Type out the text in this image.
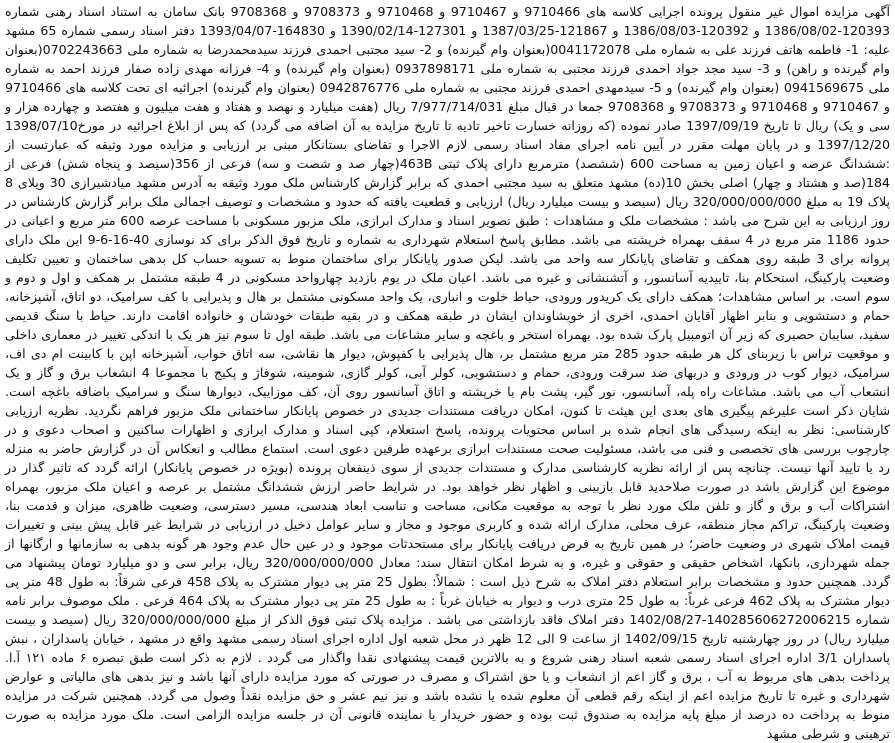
آگهی مزایده اموال غیر منقول پرونده اجرایی کلاسه های 9710466 و 9710467 و 9710468 و 9708373 و 9708368 بانک سامان به استناد اسناد رهنی شماره 120393-1386/08/02 و 120392-1386/08/03 و 121867-1387/03/25 و 127301-1390/02/14 و 164830-1393/04/07 دفتر اسناد رسمی شماره 65 مشهد علیه: 1- فاطمه هاتف فرزند علی به شماره ملی 0041172078(بعنوان وام گیرنده) و 2- سید مجتبی احمدی فرزند سیدمحمدرضا به شماره ملی 0702243663(بعنوان وام گیرنده و راهن) و 3- سید مجد جواد احمدی فرزند مجتبی به شماره ملی 0937898171 (بعنوان وام گیرنده) و 4- فرزانه مهدی زاده صفار فرزند احمد به شماره ملی 0941569675 (بعنوان وام گیرنده) و 5- سیدمهدی احمدی فرزند مجتبی به شماره ملی 0942876776 (بعنوان وام گیرنده) اجرائیه ای تحت کلاسه های 9710466 و 9710467 و 9710468 و 9708373 و 9708368 جمعا در قبال مبلغ 7/977/714/031 ریال (هفت میلیارد و نهصد و هفتاد و هفت میلیون و هفتصد و چهارده هزار و سی و یک) ریال تا تاریخ 1397/09/19 صادر نموده (که روزانه خسارت تاخیر تادیه تا تاریخ مزایده به آن اضافه می گردد) که پس از ابلاغ اجرائیه در مورخ1398/07/10 1397/12/20 و در پایان مهلت مقرر در آیین نامه اجرای مفاد اسناد رسمی لازم الاجرا و تقاضای بستانکار مبنی بر ارزیابی و مزایده مورد وثیقه که عبارتست از :ششدانگ عرصه و اعیان زمین به مساحت 600 (ششصد) مترمربع دارای پلاک ثبتی 463B(چهار صد و شصت و سه) فرعی از 356(سیصد و پنجاه شش) فرعی از 184(صد و هشتاد و چهار) اصلی بخش 10(ده) مشهد متعلق به سید مجتبی احمدی که برابر گزارش کارشناس ملک مورد وثیقه به آدرس مشهد میادشیرازی 30 ویلای 8 پلاک 19 به مبلغ 320/000/000/000 ریال (سیصد و بیست میلیارد ریال) ارزیابی و قطعیت یافته که حدود و مشخصات و توصیف اجمالی ملک برابر گزارش کارشناس در روز ارزیابی به این شرح می باشد : مشخصات ملک و مشاهدات : طبق تصویر اسناد و مدارک ابرازی، ملک مزبور مسکونی با مساحت عرصه 600 متر مربع و اعیانی در حدود 1186 متر مربع در 4 سقف بهمراه خرپشته می باشد. مطابق پاسخ استعلام شهرداری به شماره و تاریخ فوق الذکر برای کد نوسازی 40-16-6-9 این ملک دارای پروانه برای 3 طبقه روی همکف و تقاضای پایانکار سه واحد می باشد. لیکن صدور پایانکار برای ساختمان منوط به تسویه حساب کل بدهی ساختمان و تعیین تکلیف وضعیت پارکینگ، استحکام بنا، تاییدیه آسانسور، و آتشنشانی و غیره می باشد. اعیان ملک در یوم بازدید چهارواحد مسکونی در 4 طبقه مشتمل بر همکف و اول و دوم و سوم است. بر اساس مشاهدات؛ همکف دارای یک کریدور ورودی، حیاط خلوت و انباری، یک واحد مسکونی مشتمل بر هال و پذیرایی با کف سرامیک، دو اتاق، آشپزخانه، حمام و دستشویی و بنابر اظهار آقایان احمدی، اخری از خویشاوندان ایشان در طبقه همکف و در بقیه طبقات خودشان و خانواده اقامت دارند. حیاط با سنگ قدیمی سفید، سایبان حصیری که زیر آن اتومبیل پارک شده بود. بهمراه استخر و باغچه و سایر مشاعات می باشد. طبقه اول تا سوم نیز هر یک با اندکی تغییر در معماری داخلی و موقعیت تراس با زیربنای کل هر طبقه حدود 285 متر مربع مشتمل بر، هال پذیرایی با کفپوش، دیوار ها نقاشی، سه اتاق خواب، آشپزخانه اپن با کابینت ام دی اف، سرامیک، دیوار کوب در ورودی و دربهای ضد سرقت ورودی، حمام و دستشویی، کولر آبی، کولر گازی، شومینه، شوفاژ و پکیج با مجموعا 4 انشعاب برق و گاز و یک انشعاب آب می باشد. مشاعات راه پله، آسانسور، نور گیر، پشت بام با خرپشته و اتاق آسانسور روی آن، کف موزاییک، دیوارها سنگ و سرامیک باضافه باغچه است. شایان ذکر است علیرغم پیگیری های بعدی این هیئت تا کنون، امکان دریافت مستندات جدیدی در خصوص پایانکار ساختمانی ملک مزبور فراهم نگردید. نظریه ارزیابی کارشناسی: نظر به اینکه رسیدگی های انجام شده بر اساس محتویات پرونده، پاسخ استعلام، کپی اسناد و مدارک ابرازی و اظهارات ساکنین و اصحاب دعوی و در چارچوب بررسی های تخصصی و فنی می باشد، مسئولیت صحت مستندات ابرازی برعهده طرفین دعوی است. استماع مطالب و انعکاس آن در گزارش حاضر به منزله رد یا تایید آنها نیست. چنانچه پس از ارائه نظریه کارشناسی مدارک و مستندات جدیدی از سوی ذینفعان پرونده (بویژه در خصوص پایانکار) ارائه گردد که تاثیر گذار در موضوع این گزارش باشد در صورت صلاحدید قابل بازبینی و اظهار نظر خواهد بود. در شرایط حاضر ارزش ششدانگ مشتمل بر عرصه و اعیان ملک مزبور، بهمراه اشتراکات آب و برق و گاز و تلفن ملک مورد نظر با توجه به موقعیت مکانی، مساحت و تناسب ابعاد هندسی، مسیر دسترسی، وضعیت ظاهری، میزان و قدمت بنا، وضعیت پارکینگ، تراکم مجاز منطقه، عرف محلی، مدارک ارائه شده و کاربری موجود و مجاز و سایر عوامل دخیل در ارزیابی در شرایط غیر قابل پیش بینی و تغییرات قیمت املاک شهری در وضعیت حاضر؛ در همین تاریخ به فرض دریافت پایانکار برای مستحدثات موجود و در عین حال عدم وجود هر گونه بدهی به سازمانها و ارگانها از جمله شهرداری، بانکها، اشخاص حقیقی و حقوقی و غیره، و به شرط امکان انتقال سند: معادل 320/000/000/000 ریال، برابر سی و دو میلیارد تومان پیشنهاد می گردد. همچنین حدود و مشخصات برابر استعلام دفتر املاک به شرح ذیل است : شمالاً: بطول 25 متر پی دیوار مشترک به پلاک 458 فرعی شرقاً: به طول 48 متر پی دیوار مشترک به پلاک 462 فرعی غرباً: به طول 25 متری درب و دیوار به خیابان غرباً : به طول 25 متر پی دیوار مشترک به پلاک 464 فرعی . ملک موصوف برابر نامه شماره 140285606272006215-1402/08/27 دفتر املاک فاقد بازداشتی می باشد . مزایده پلاک ثبتی فوق الذکر از مبلغ 320/000/000/000 ریال (سیصد و بیست میلیارد ریال) در روز چهارشنبه تاریخ 1402/09/15 از ساعت 9 الی 12 ظهر در محل شعبه اول اداره اجرای اسناد رسمی مشهد واقع در مشهد ، خیابان پاسداران ، نبش پاسداران 3/1 اداره اجرای اسناد رسمی شعبه اسناد رهنی شروع و به بالاترین قیمت پیشنهادی نقدا واگذار می گردد . لازم به ذکر است طبق تبصره ۶ ماده ۱۲۱ آ.ا. پرداخت بدهی های مربوط به آب ، برق و گاز اعم از انشعاب و یا حق اشتراک و مصرف در صورتی که مورد مزایده دارای آنها باشد و نیز بدهی های مالیاتی و عوارض شهرداری و غیره تا تاریخ مزایده اعم از اینکه رقم قطعی آن معلوم شده یا نشده باشد و نیز نیم عشر و حق مزایده نقداً وصول می گردد. همچنین شرکت در مزایده منوط به پرداخت ده درصد از مبلغ پایه مزایده به صندوق ثبت بوده و حضور خریدار یا نماینده قانونی آن در جلسه مزایده الزامی است. ملک مورد مزایده به صورت ترهینی و شرطی مشهد
